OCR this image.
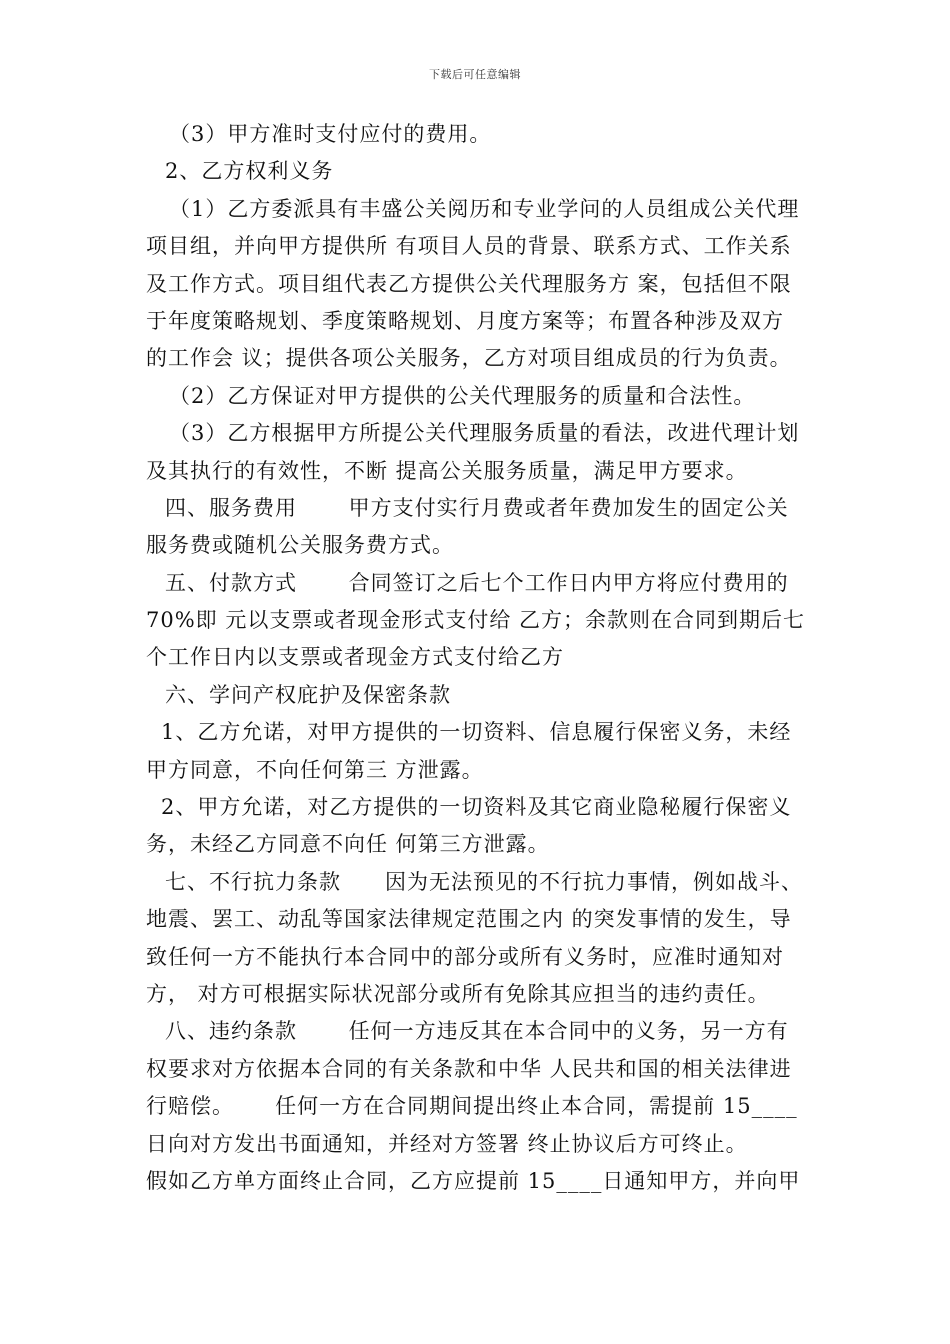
下载后可任意编辑
（3）甲方准时支付应付的费用。
2、乙方权利义务
（1）乙方委派具有丰盛公关阅历和专业学问的人员组成公关代理
项目组，并向甲方提供所 有项目人员的背景、联系方式、工作关系
及工作方式。项目组代表乙方提供公关代理服务方 案，包括但不限
于年度策略规划、季度策略规划、月度方案等；布置各种涉及双方
的工作会 议；提供各项公关服务，乙方对项目组成员的行为负责。
（2）乙方保证对甲方提供的公关代理服务的质量和合法性。
（3）乙方根据甲方所提公关代理服务质量的看法，改进代理计划
及其执行的有效性，不断 提高公关服务质量，满足甲方要求。
四、服务费用　　 甲方支付实行月费或者年费加发生的固定公关
服务费或随机公关服务费方式。
五、付款方式　　 合同签订之后七个工作日内甲方将应付费用的
70%即 元以支票或者现金形式支付给 乙方；余款则在合同到期后七
个工作日内以支票或者现金方式支付给乙方
六、学问产权庇护及保密条款
1、乙方允诺，对甲方提供的一切资料、信息履行保密义务，未经
甲方同意，不向任何第三 方泄露。
2、甲方允诺，对乙方提供的一切资料及其它商业隐秘履行保密义
务，未经乙方同意不向任 何第三方泄露。
七、不行抗力条款　　因为无法预见的不行抗力事情，例如战斗、
地震、罢工、动乱等国家法律规定范围之内 的突发事情的发生，导
致任何一方不能执行本合同中的部分或所有义务时，应准时通知对
方， 对方可根据实际状况部分或所有免除其应担当的违约责任。
八、违约条款　　 任何一方违反其在本合同中的义务，另一方有
权要求对方依据本合同的有关条款和中华 人民共和国的相关法律进
行赔偿。　　 任何一方在合同期间提出终止本合同，需提前 15____
日向对方发出书面通知，并经对方签署 终止协议后方可终止。
假如乙方单方面终止合同，乙方应提前 15____日通知甲方，并向甲
